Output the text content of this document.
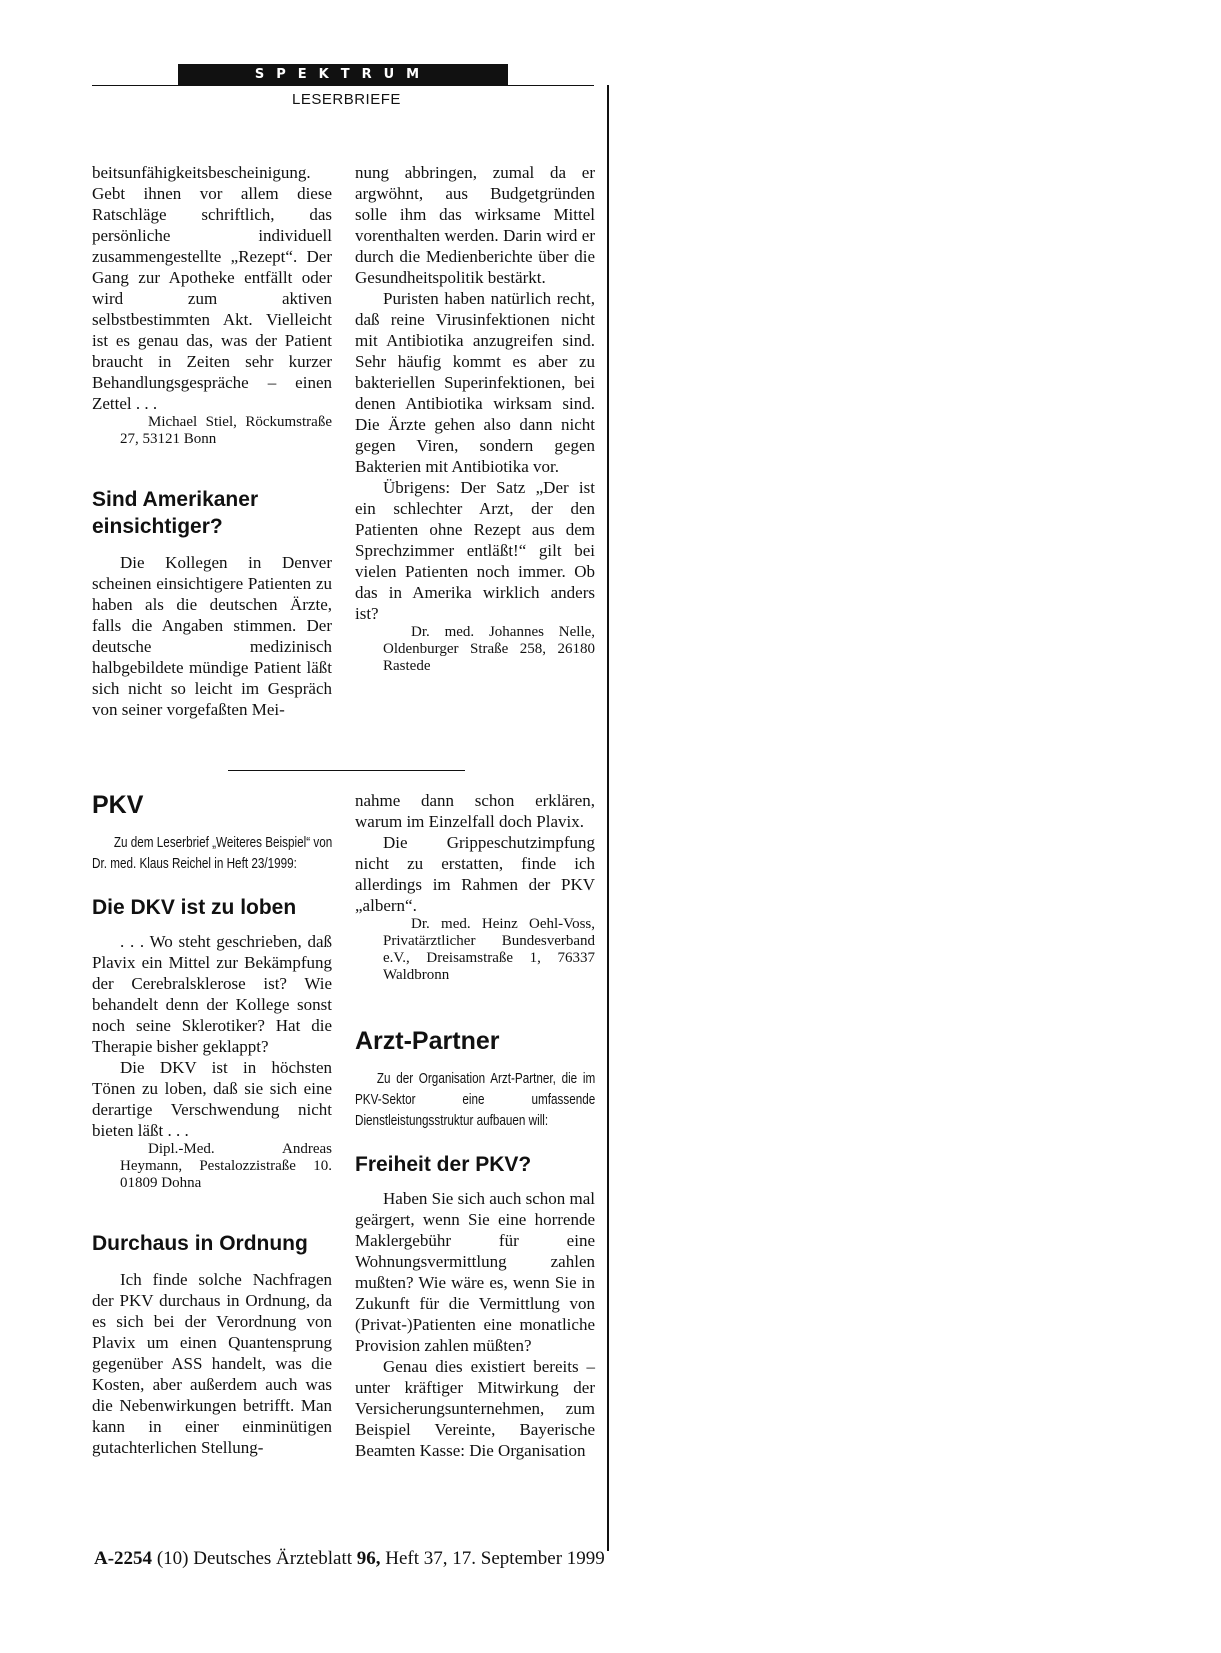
SPEKTRUM
LESERBRIEFE

beitsunfähigkeitsbescheinigung. Gebt ihnen vor allem diese Ratschläge schriftlich, das persönliche individuell zusammengestellte „Rezept“. Der Gang zur Apotheke entfällt oder wird zum aktiven selbstbestimmten Akt. Vielleicht ist es genau das, was der Patient braucht in Zeiten sehr kurzer Behandlungsgespräche – einen Zettel . . .

Michael Stiel, Röckumstraße 27, 53121 Bonn

Sind Amerikaner einsichtiger?

Die Kollegen in Denver scheinen einsichtigere Patienten zu haben als die deutschen Ärzte, falls die Angaben stimmen. Der deutsche medizinisch halbgebildete mündige Patient läßt sich nicht so leicht im Gespräch von seiner vorgefaßten Mei-

nung abbringen, zumal da er argwöhnt, aus Budgetgründen solle ihm das wirksame Mittel vorenthalten werden. Darin wird er durch die Medienberichte über die Gesundheitspolitik bestärkt.

Puristen haben natürlich recht, daß reine Virusinfektionen nicht mit Antibiotika anzugreifen sind. Sehr häufig kommt es aber zu bakteriellen Superinfektionen, bei denen Antibiotika wirksam sind. Die Ärzte gehen also dann nicht gegen Viren, sondern gegen Bakterien mit Antibiotika vor.

Übrigens: Der Satz „Der ist ein schlechter Arzt, der den Patienten ohne Rezept aus dem Sprechzimmer entläßt!“ gilt bei vielen Patienten noch immer. Ob das in Amerika wirklich anders ist?

Dr. med. Johannes Nelle, Oldenburger Straße 258, 26180 Rastede

PKV

Zu dem Leserbrief „Weiteres Beispiel“ von Dr. med. Klaus Reichel in Heft 23/1999:

Die DKV ist zu loben

. . . Wo steht geschrieben, daß Plavix ein Mittel zur Bekämpfung der Cerebralsklerose ist? Wie behandelt denn der Kollege sonst noch seine Sklerotiker? Hat die Therapie bisher geklappt?

Die DKV ist in höchsten Tönen zu loben, daß sie sich eine derartige Verschwendung nicht bieten läßt . . .

Dipl.-Med. Andreas Heymann, Pestalozzistraße 10. 01809 Dohna

Durchaus in Ordnung

Ich finde solche Nachfragen der PKV durchaus in Ordnung, da es sich bei der Verordnung von Plavix um einen Quantensprung gegenüber ASS handelt, was die Kosten, aber außerdem auch was die Nebenwirkungen betrifft. Man kann in einer einminütigen gutachterlichen Stellung-

nahme dann schon erklären, warum im Einzelfall doch Plavix.

Die Grippeschutzimpfung nicht zu erstatten, finde ich allerdings im Rahmen der PKV „albern“.

Dr. med. Heinz Oehl-Voss, Privatärztlicher Bundesverband e.V., Dreisamstraße 1, 76337 Waldbronn

Arzt-Partner

Zu der Organisation Arzt-Partner, die im PKV-Sektor eine umfassende Dienstleistungsstruktur aufbauen will:

Freiheit der PKV?

Haben Sie sich auch schon mal geärgert, wenn Sie eine horrende Maklergebühr für eine Wohnungsvermittlung zahlen mußten? Wie wäre es, wenn Sie in Zukunft für die Vermittlung von (Privat-)Patienten eine monatliche Provision zahlen müßten?

Genau dies existiert bereits – unter kräftiger Mitwirkung der Versicherungsunternehmen, zum Beispiel Vereinte, Bayerische Beamten Kasse: Die Organisation

A-2254 (10) Deutsches Ärzteblatt 96, Heft 37, 17. September 1999
